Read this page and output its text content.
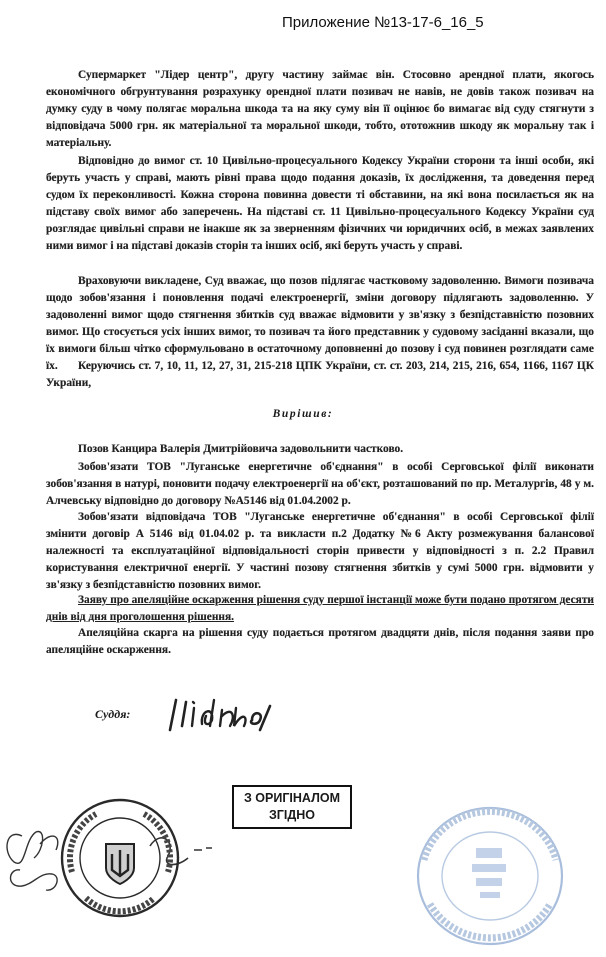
Приложение №13-17-6_16_5

Супермаркет "Лідер центр", другу частину займає він. Стосовно арендної плати, якогось економічного обгрунтування розрахунку орендної плати позивач не навів, не довів також позивач на думку суду в чому полягає моральна шкода та на яку суму він її оцінює бо вимагає від суду стягнути з відповідача 5000 грн. як матеріальної та моральної шкоди, тобто, ототожнив шкоду як моральну так і матеріальну.

Відповідно до вимог ст. 10 Цивільно-процесуального Кодексу України сторони та інші особи, які беруть участь у справі, мають рівні права щодо подання доказів, їх дослідження, та доведення перед судом їх переконливості. Кожна сторона повинна довести ті обставини, на які вона посилається як на підставу своїх вимог або заперечень. На підставі ст. 11 Цивільно-процесуального Кодексу України суд розглядає цивільні справи не інакше як за зверненням фізичних чи юридичних осіб, в межах заявлених ними вимог і на підставі доказів сторін та інших осіб, які беруть участь у справі.

Враховуючи викладене, Суд вважає, що позов підлягає частковому задоволенню. Вимоги позивача щодо зобов'язання і поновлення подачі електроенергії, зміни договору підлягають задоволенню. У задоволенні вимог щодо стягнення збитків суд вважає відмовити у зв'язку з безпідставністю позовних вимог. Що стосується усіх інших вимог, то позивач та його представник у судовому засіданні вказали, що їх вимоги більш чітко сформульовано в остаточному доповненні до позову і суд повинен розглядати саме їх.	Керуючись ст. 7, 10, 11, 12, 27, 31, 215-218 ЦПК України, ст. ст. 203, 214, 215, 216, 654, 1166, 1167 ЦК України,

Вирішив:

Позов Канцира Валерія Дмитрійовича задовольнити частково.

Зобов'язати ТОВ "Луганське енергетичне об'єднання" в особі Серговської філії виконати зобов'язання в натурі, поновити подачу електроенергії на об'єкт, розташований по пр. Металургів, 48 у м. Алчевську відповідно до договору №А5146 від 01.04.2002 р.

Зобов'язати відповідача ТОВ "Луганське енергетичне об'єднання" в особі Серговської філії змінити договір А 5146 від 01.04.02 р. та викласти п.2 Додатку №6 Акту розмежування балансової належності та експлуатаційної відповідальності сторін привести у відповідності з п. 2.2 Правил користування електричної енергії. У частині позову стягнення збитків у сумі 5000 грн. відмовити у зв'язку з безпідставністю позовних вимог.

Заяву про апеляційне оскарження рішення суду першої інстанції може бути подано протягом десяти днів від дня проголошення рішення.

Апеляційна скарга на рішення суду подається протягом двадцяти днів, після подання заяви про апеляційне оскарження.

Суддя:
З ОРИГІНАЛОМ
ЗГІДНО
